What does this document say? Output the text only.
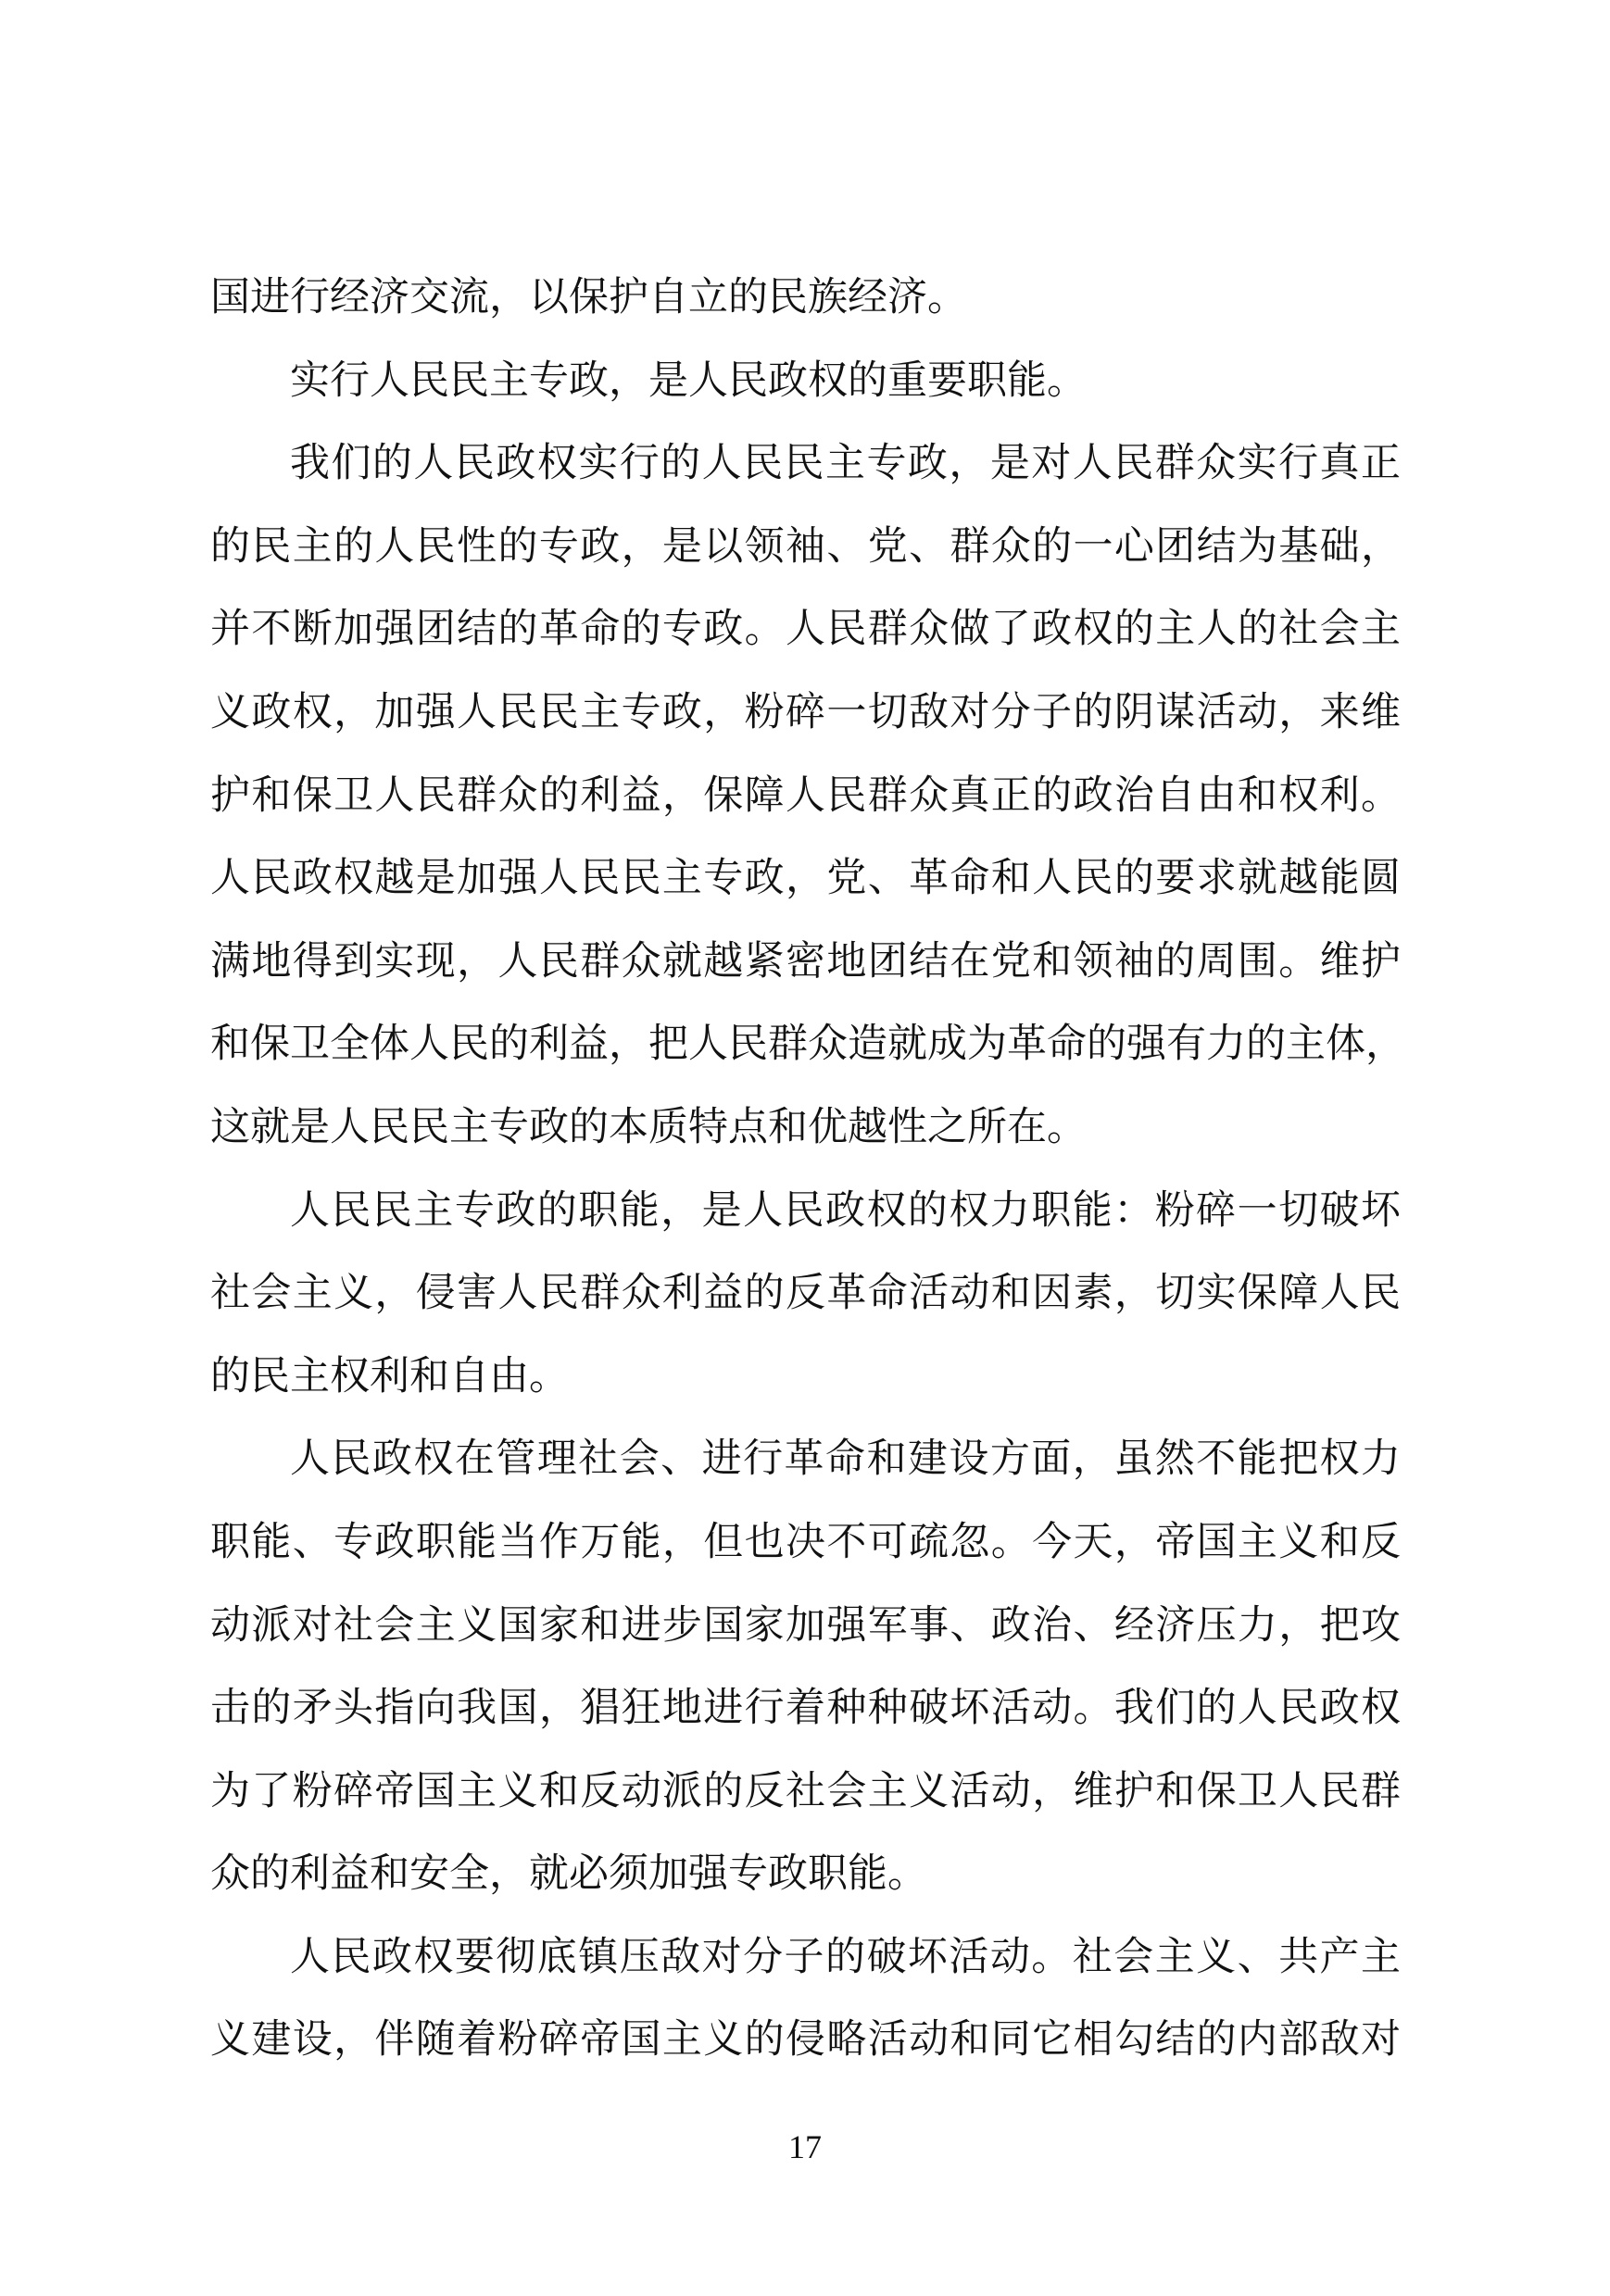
国进行经济交流，以保护自立的民族经济。
实行人民民主专政，是人民政权的重要职能。
我们的人民政权实行的人民民主专政，是对人民群众实行真正
的民主的人民性的专政，是以领袖、党、群众的一心团结为基础，
并不断加强团结的革命的专政。人民群众做了政权的主人的社会主
义政权，加强人民民主专政，粉碎一切敌对分子的阴谋活动，来维
护和保卫人民群众的利益，保障人民群众真正的政治自由和权利。
人民政权越是加强人民民主专政，党、革命和人民的要求就越能圆
满地得到实现，人民群众就越紧密地团结在党和领袖的周围。维护
和保卫全体人民的利益，把人民群众造就成为革命的强有力的主体，
这就是人民民主专政的本质特点和优越性之所在。
人民民主专政的职能，是人民政权的权力职能：粉碎一切破坏
社会主义，侵害人民群众利益的反革命活动和因素，切实保障人民
的民主权利和自由。
人民政权在管理社会、进行革命和建设方面，虽然不能把权力
职能、专政职能当作万能，但也决不可疏忽。今天，帝国主义和反
动派对社会主义国家和进步国家加强军事、政治、经济压力，把攻
击的矛头指向我国，猖狂地进行着种种破坏活动。我们的人民政权
为了粉碎帝国主义和反动派的反社会主义活动，维护和保卫人民群
众的利益和安全，就必须加强专政职能。
人民政权要彻底镇压敌对分子的破坏活动。社会主义、共产主
义建设，伴随着粉碎帝国主义的侵略活动和同它相勾结的内部敌对
17
